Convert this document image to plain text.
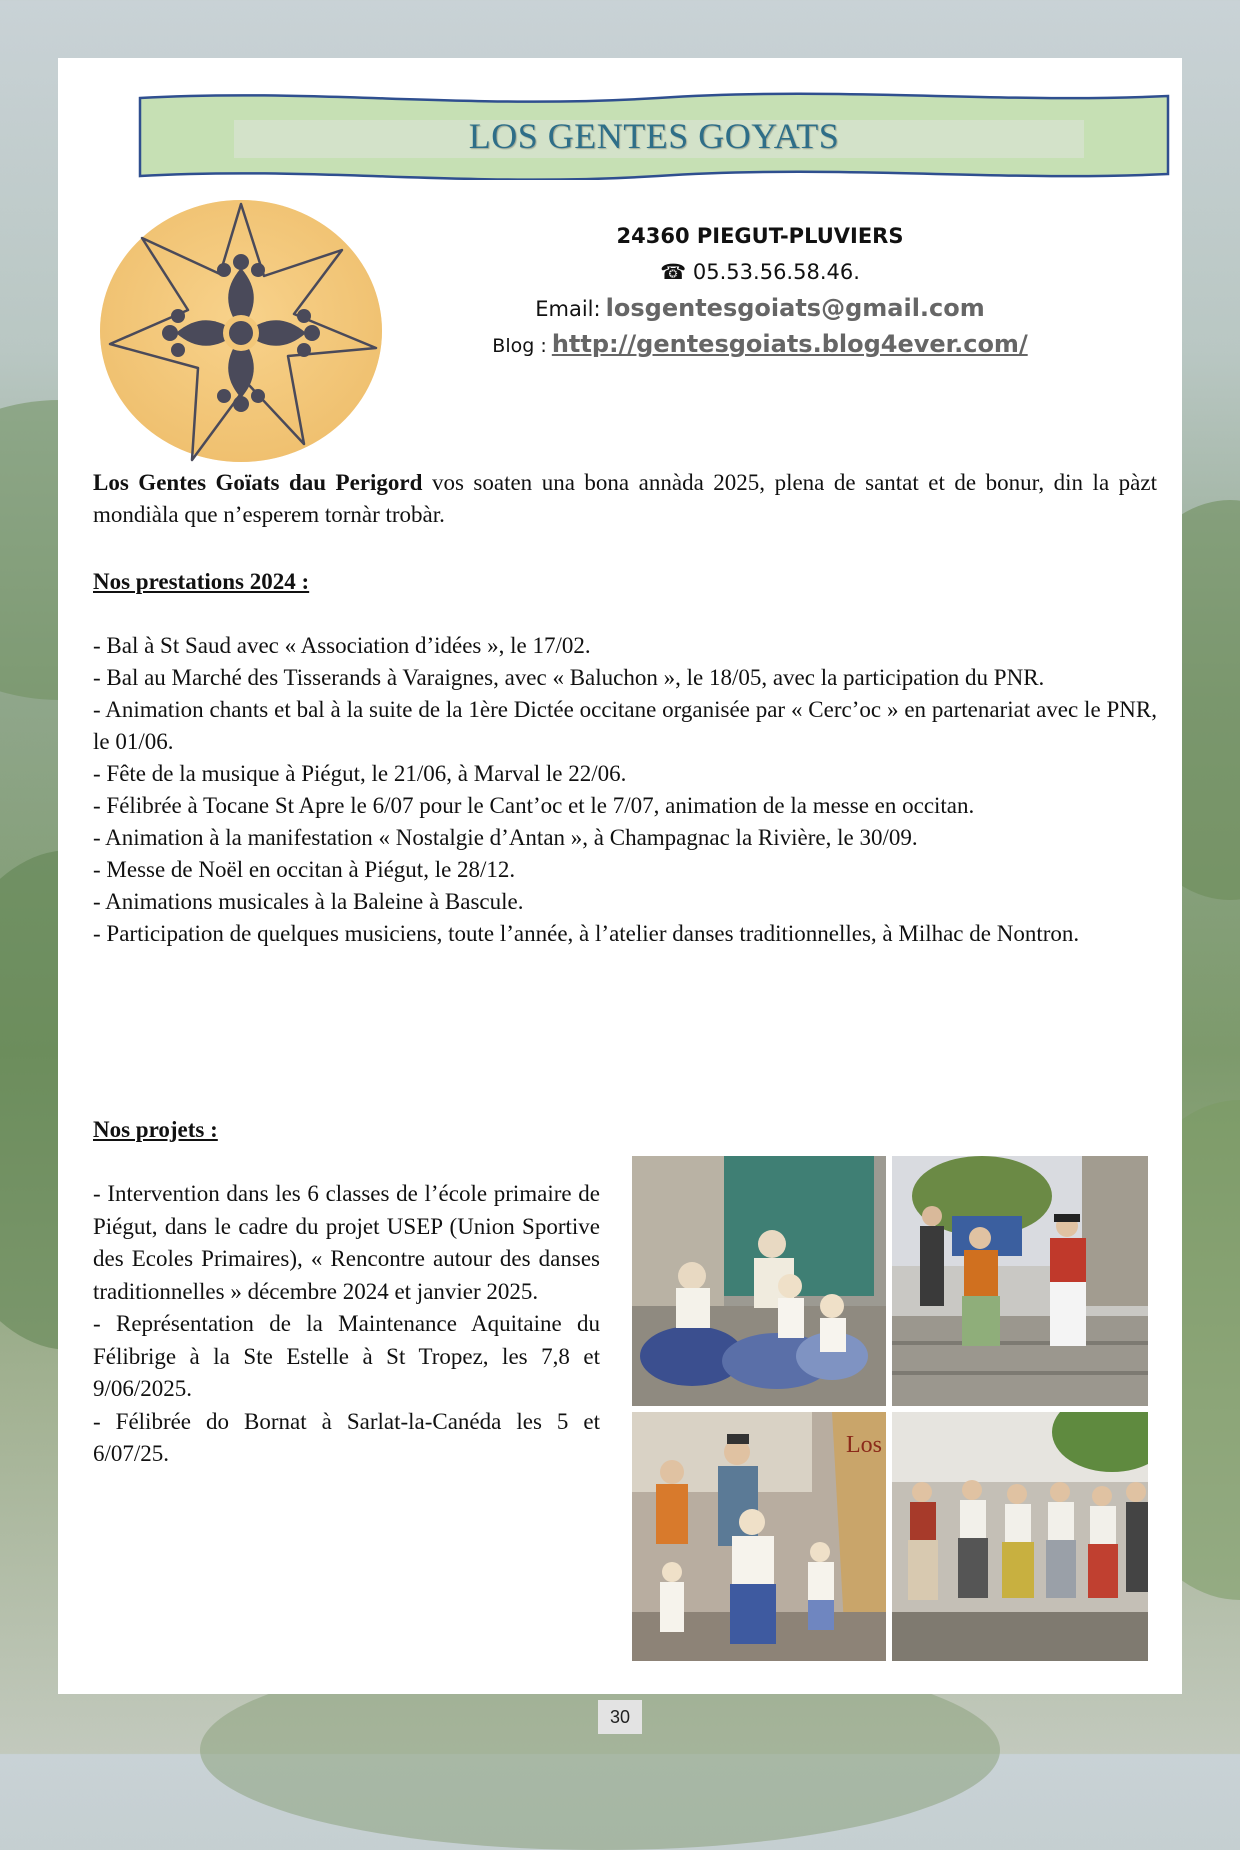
LOS GENTES GOYATS
24360 PIEGUT-PLUVIERS
☎ 05.53.56.58.46.
Email: losgentesgoiats@gmail.com
Blog : http://gentesgoiats.blog4ever.com/
Los Gentes Goïats dau Perigord vos soaten una bona annàda 2025, plena de santat et de bonur, din la pàzt mondiàla que n’esperem tornàr trobàr.
Nos prestations 2024 :
- Bal à St Saud avec « Association d’idées », le 17/02.
- Bal au Marché des Tisserands à Varaignes, avec « Baluchon », le 18/05, avec la participation du PNR.
- Animation chants et bal à la suite de la 1ère Dictée occitane organisée par « Cerc’oc » en partenariat avec le PNR, le 01/06.
- Fête de la musique à Piégut, le 21/06, à Marval le 22/06.
- Félibrée à Tocane St Apre le 6/07 pour le Cant’oc et le 7/07, animation de la messe en occitan.
- Animation à la manifestation « Nostalgie d’Antan », à Champagnac la Rivière, le 30/09.
- Messe de Noël en occitan à Piégut, le 28/12.
- Animations musicales à la Baleine à Bascule.
- Participation de quelques musiciens, toute l’année, à l’atelier danses traditionnelles, à Milhac de Nontron.
Nos projets :
- Intervention dans les 6 classes de l’école primaire de Piégut, dans le cadre du projet USEP (Union Sportive des Ecoles Primaires), « Rencontre autour des danses traditionnelles » décembre 2024 et janvier 2025.
- Représentation de la Maintenance Aquitaine du Félibrige à la Ste Estelle à St Tropez, les 7,8 et 9/06/2025.
- Félibrée do Bornat à Sarlat-la-Canéda les 5 et 6/07/25.	Los
30
